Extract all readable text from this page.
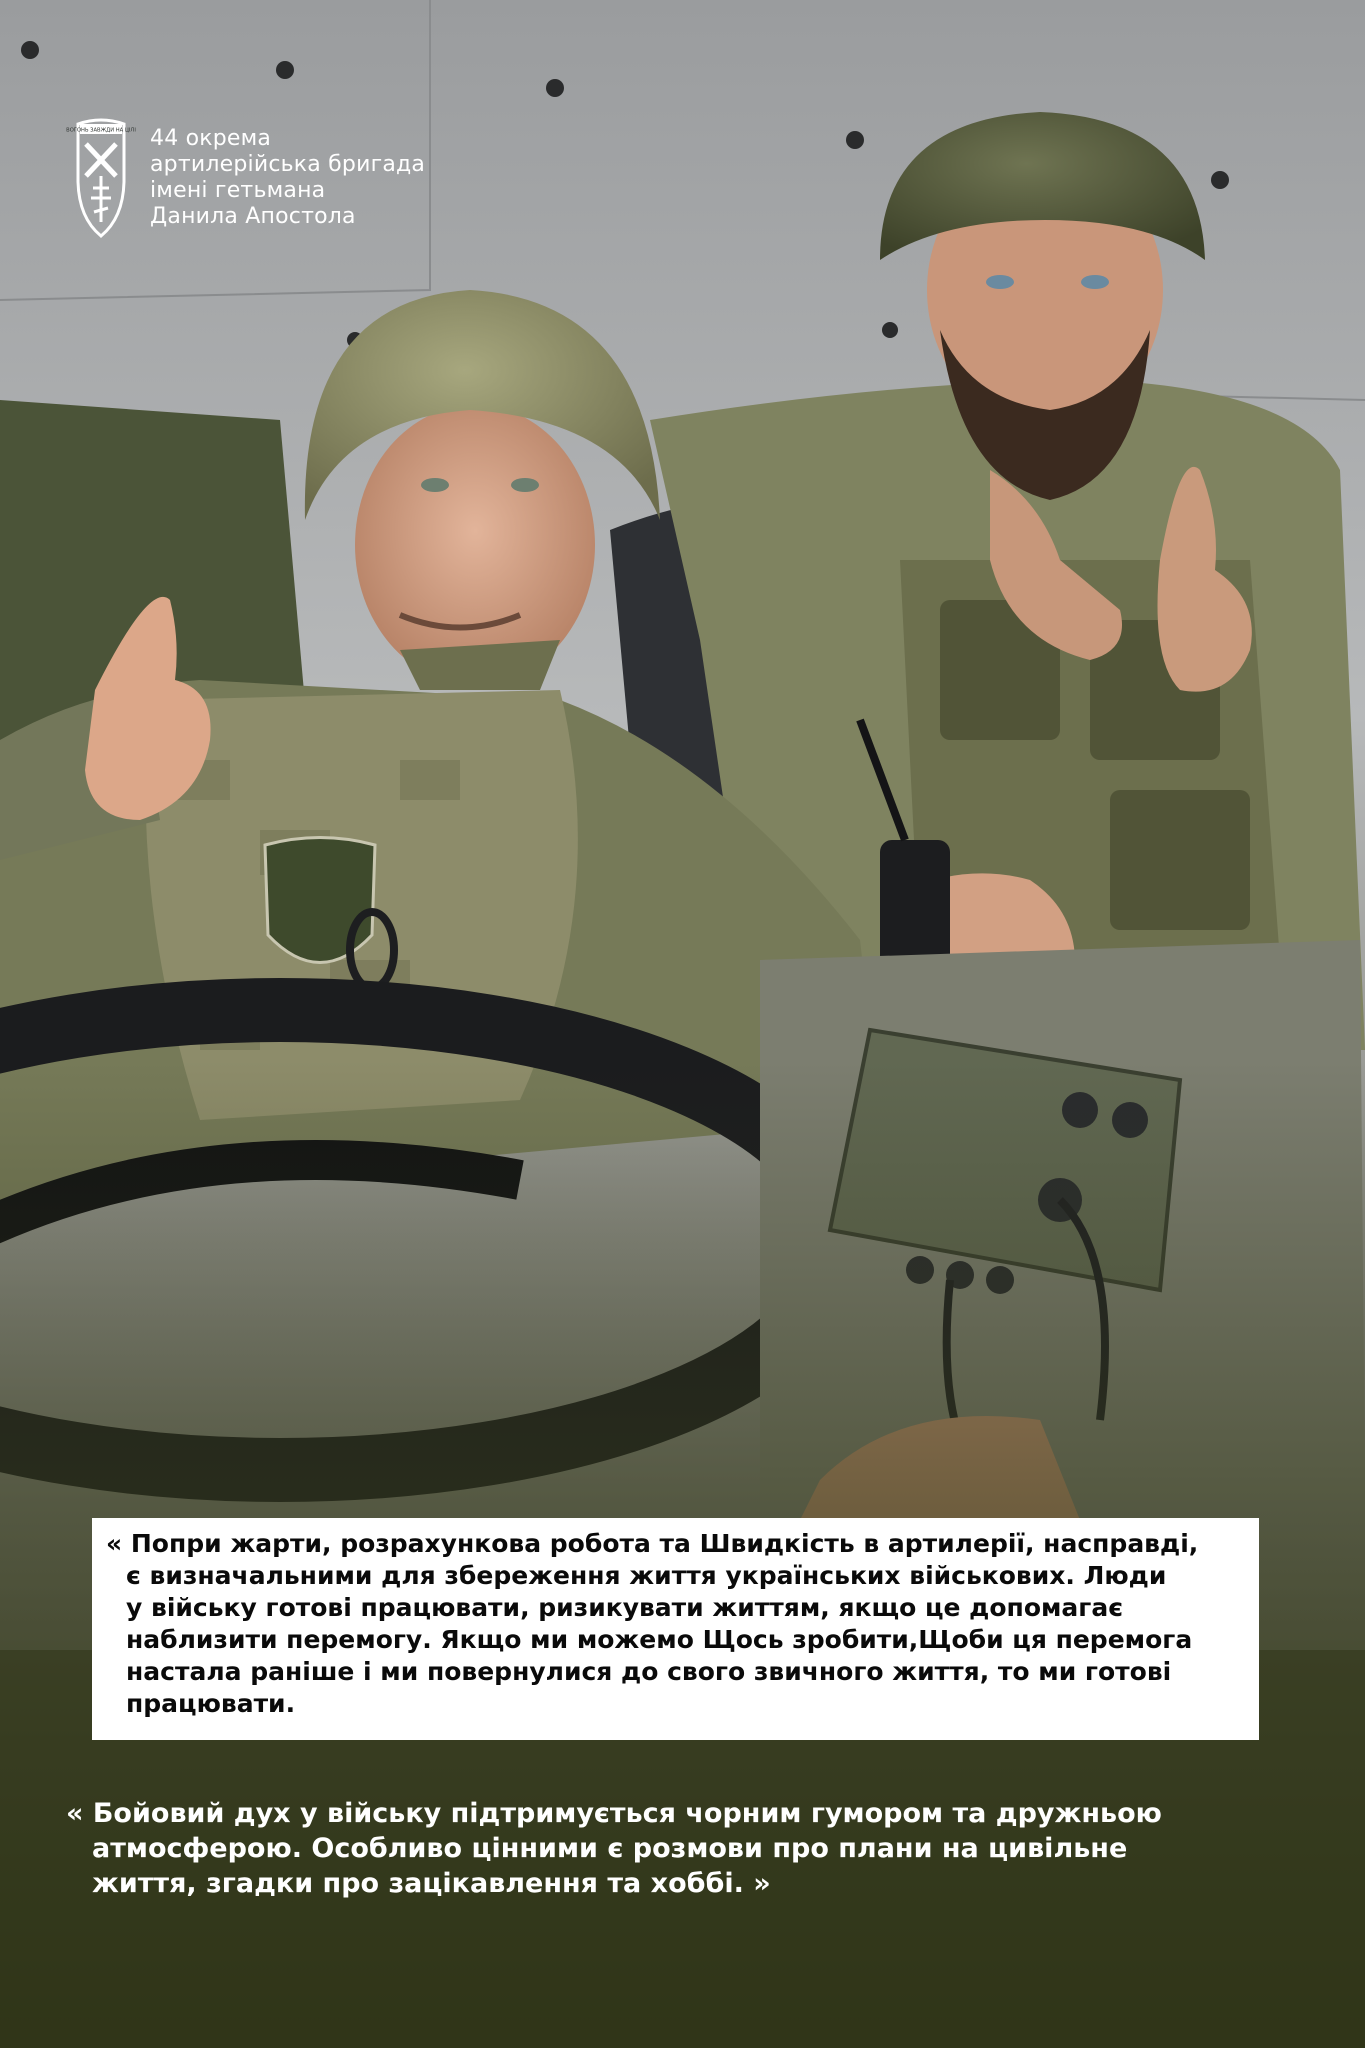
ВОГОНЬ ЗАВЖДИ НА ЦІЛІ 44 окрема
артилерійська бригада
імені гетьмана
Данила Апостола
« Попри жарти, розрахункова робота та Швидкість в артилерії, насправді,
є визначальними для збереження життя українських військових. Люди
у війську готові працювати, ризикувати життям, якщо це допомагає
наблизити перемогу. Якщо ми можемо Щось зробити,Щоби ця перемога
настала раніше і ми повернулися до свого звичного життя, то ми готові
працювати.
« Бойовий дух у війську підтримується чорним гумором та дружньою
атмосферою. Особливо цінними є розмови про плани на цивільне
життя, згадки про зацікавлення та хоббі. »
